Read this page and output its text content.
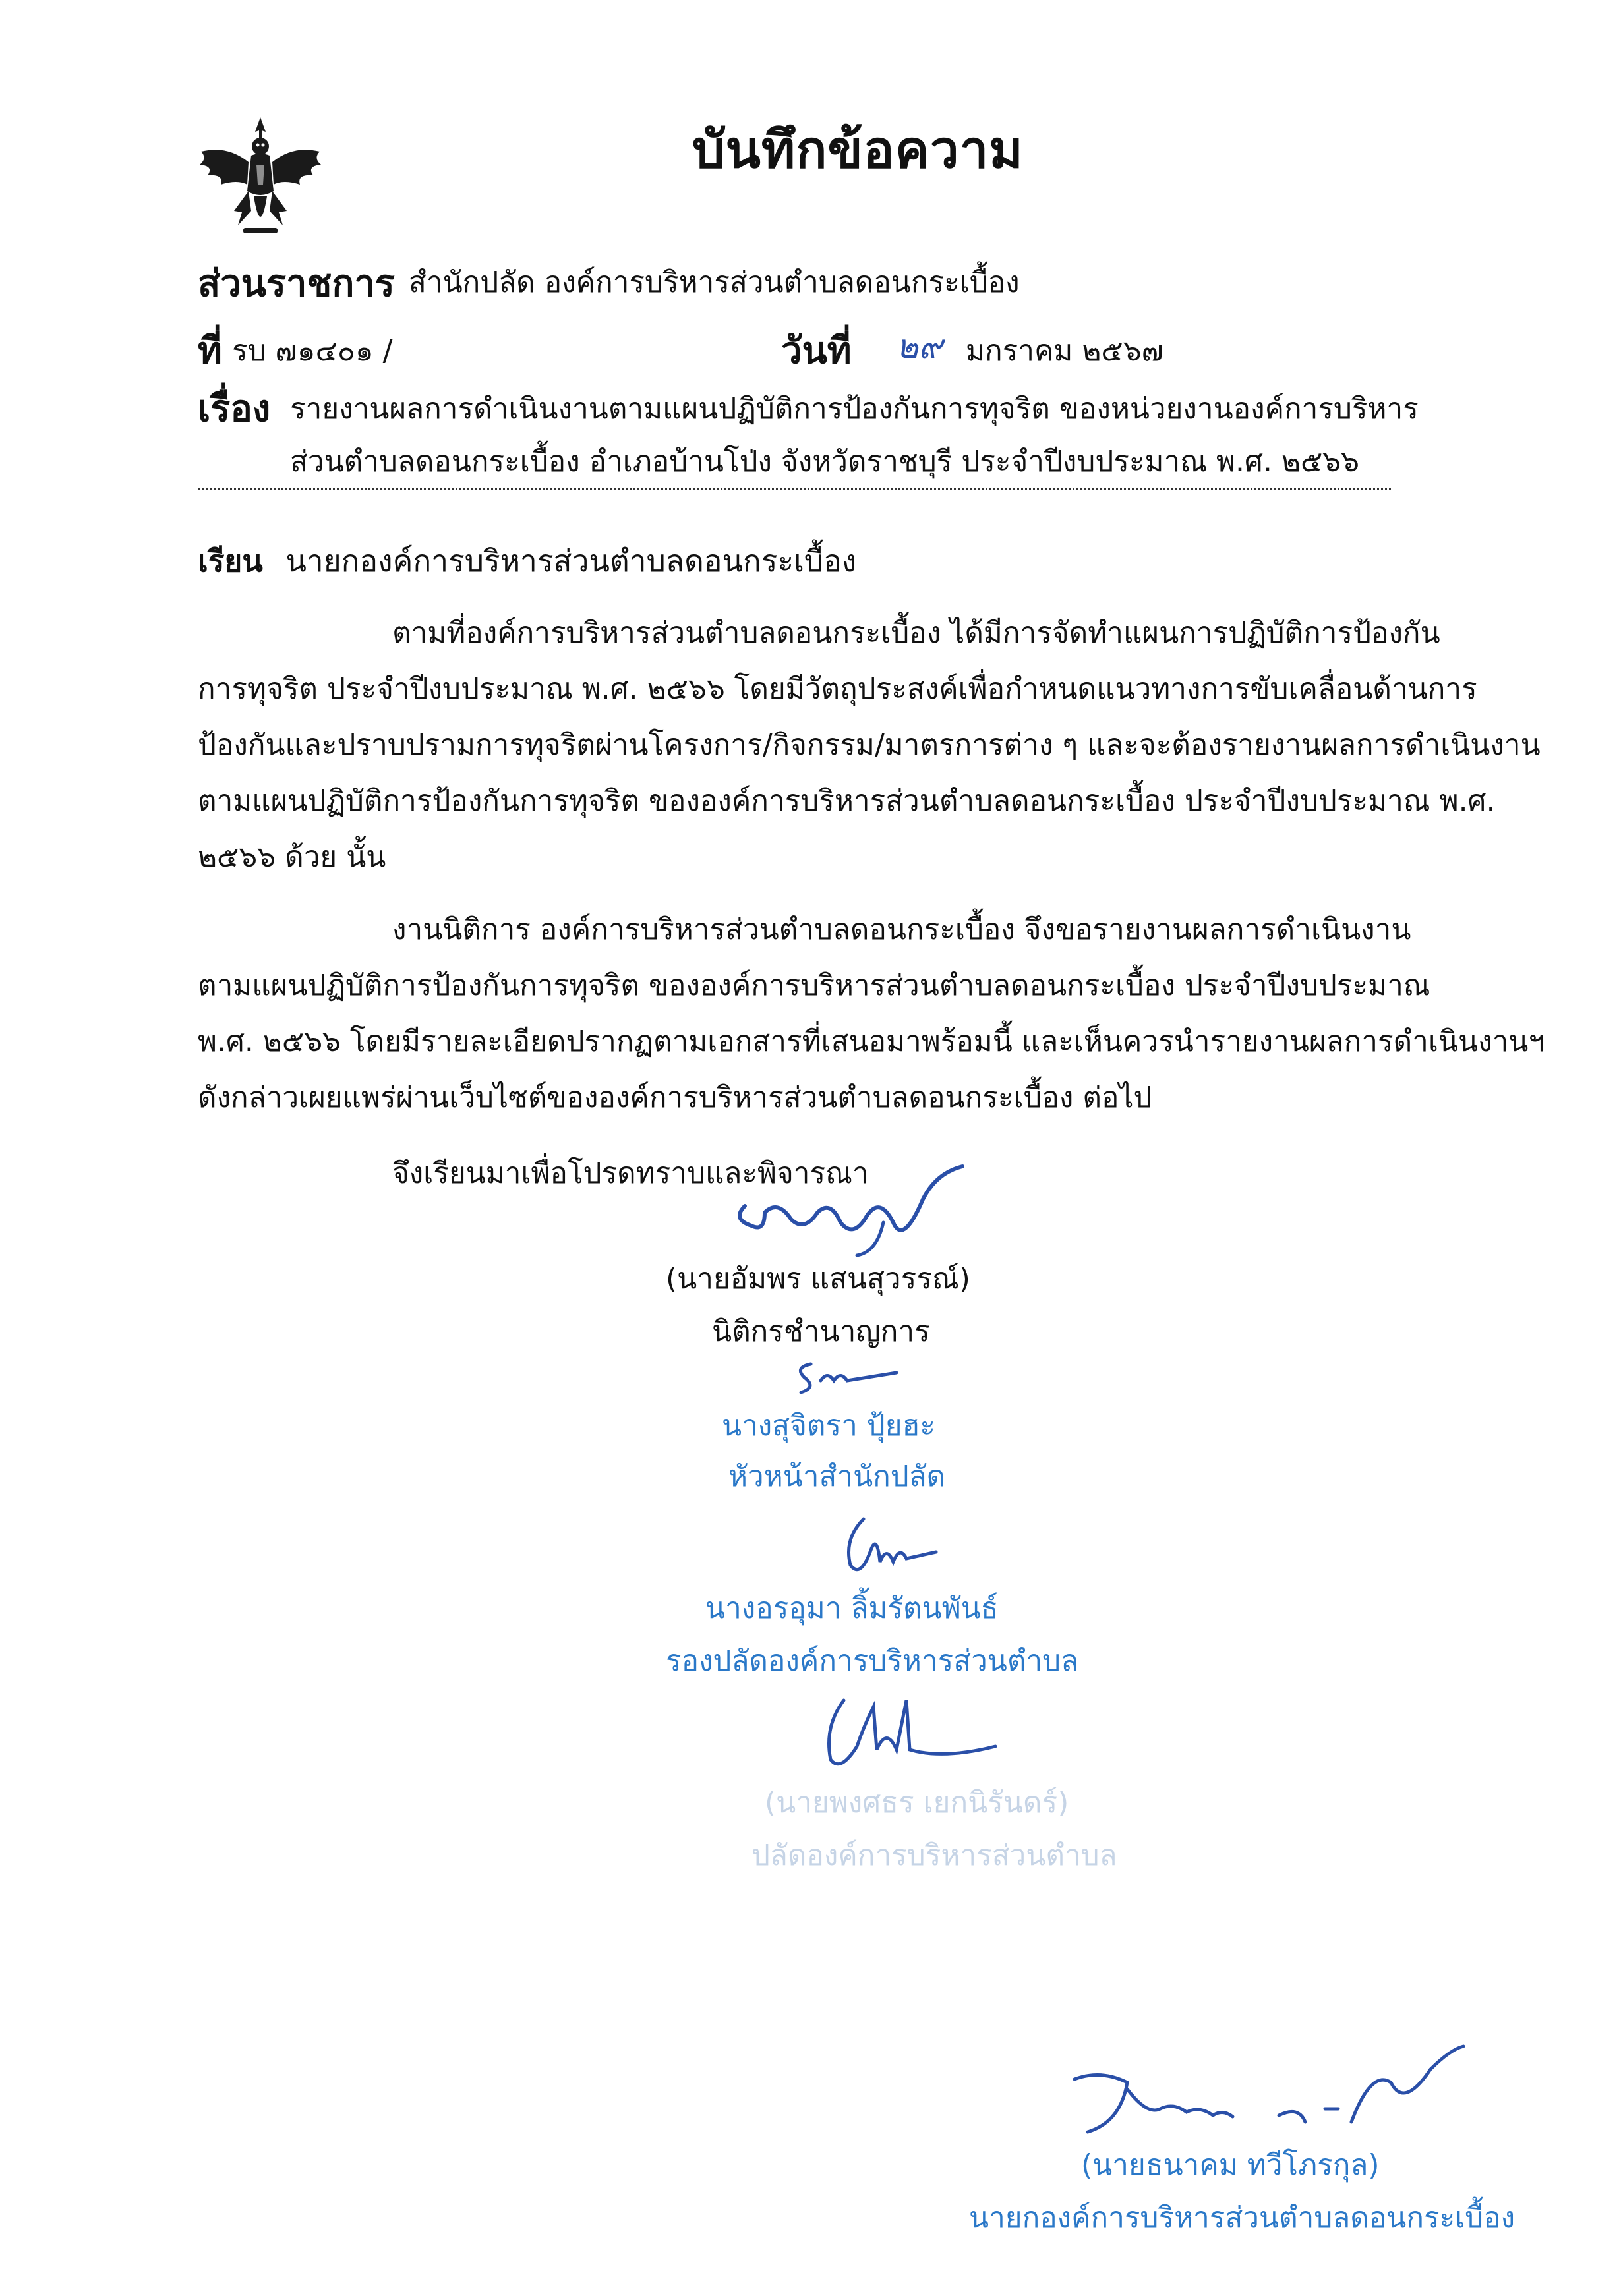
บันทึกข้อความ
ส่วนราชการ สำนักปลัด องค์การบริหารส่วนตำบลดอนกระเบื้อง
ที่ รบ ๗๑๔๐๑ /	วันที่ ๒๙ มกราคม ๒๕๖๗
เรื่อง รายงานผลการดำเนินงานตามแผนปฏิบัติการป้องกันการทุจริต ของหน่วยงานองค์การบริหาร
ส่วนตำบลดอนกระเบื้อง อำเภอบ้านโป่ง จังหวัดราชบุรี ประจำปีงบประมาณ พ.ศ. ๒๕๖๖
เรียน นายกองค์การบริหารส่วนตำบลดอนกระเบื้อง
ตามที่องค์การบริหารส่วนตำบลดอนกระเบื้อง ได้มีการจัดทำแผนการปฏิบัติการป้องกัน
การทุจริต ประจำปีงบประมาณ พ.ศ. ๒๕๖๖ โดยมีวัตถุประสงค์เพื่อกำหนดแนวทางการขับเคลื่อนด้านการ
ป้องกันและปราบปรามการทุจริตผ่านโครงการ/กิจกรรม/มาตรการต่าง ๆ และจะต้องรายงานผลการดำเนินงาน
ตามแผนปฏิบัติการป้องกันการทุจริต ขององค์การบริหารส่วนตำบลดอนกระเบื้อง ประจำปีงบประมาณ พ.ศ.
๒๕๖๖ ด้วย นั้น
งานนิติการ องค์การบริหารส่วนตำบลดอนกระเบื้อง จึงขอรายงานผลการดำเนินงาน
ตามแผนปฏิบัติการป้องกันการทุจริต ขององค์การบริหารส่วนตำบลดอนกระเบื้อง ประจำปีงบประมาณ
พ.ศ. ๒๕๖๖ โดยมีรายละเอียดปรากฏตามเอกสารที่เสนอมาพร้อมนี้ และเห็นควรนำรายงานผลการดำเนินงานฯ
ดังกล่าวเผยแพร่ผ่านเว็บไซต์ขององค์การบริหารส่วนตำบลดอนกระเบื้อง ต่อไป
จึงเรียนมาเพื่อโปรดทราบและพิจารณา
(นายอัมพร แสนสุวรรณ์)
นิติกรชำนาญการ
นางสุจิตรา ปุ้ยฮะ
หัวหน้าสำนักปลัด
นางอรอุมา ลิ้มรัตนพันธ์
รองปลัดองค์การบริหารส่วนตำบล
(นายพงศธร เยกนิรันดร์)
ปลัดองค์การบริหารส่วนตำบล
(นายธนาคม ทวีโภรกุล)
นายกองค์การบริหารส่วนตำบลดอนกระเบื้อง
